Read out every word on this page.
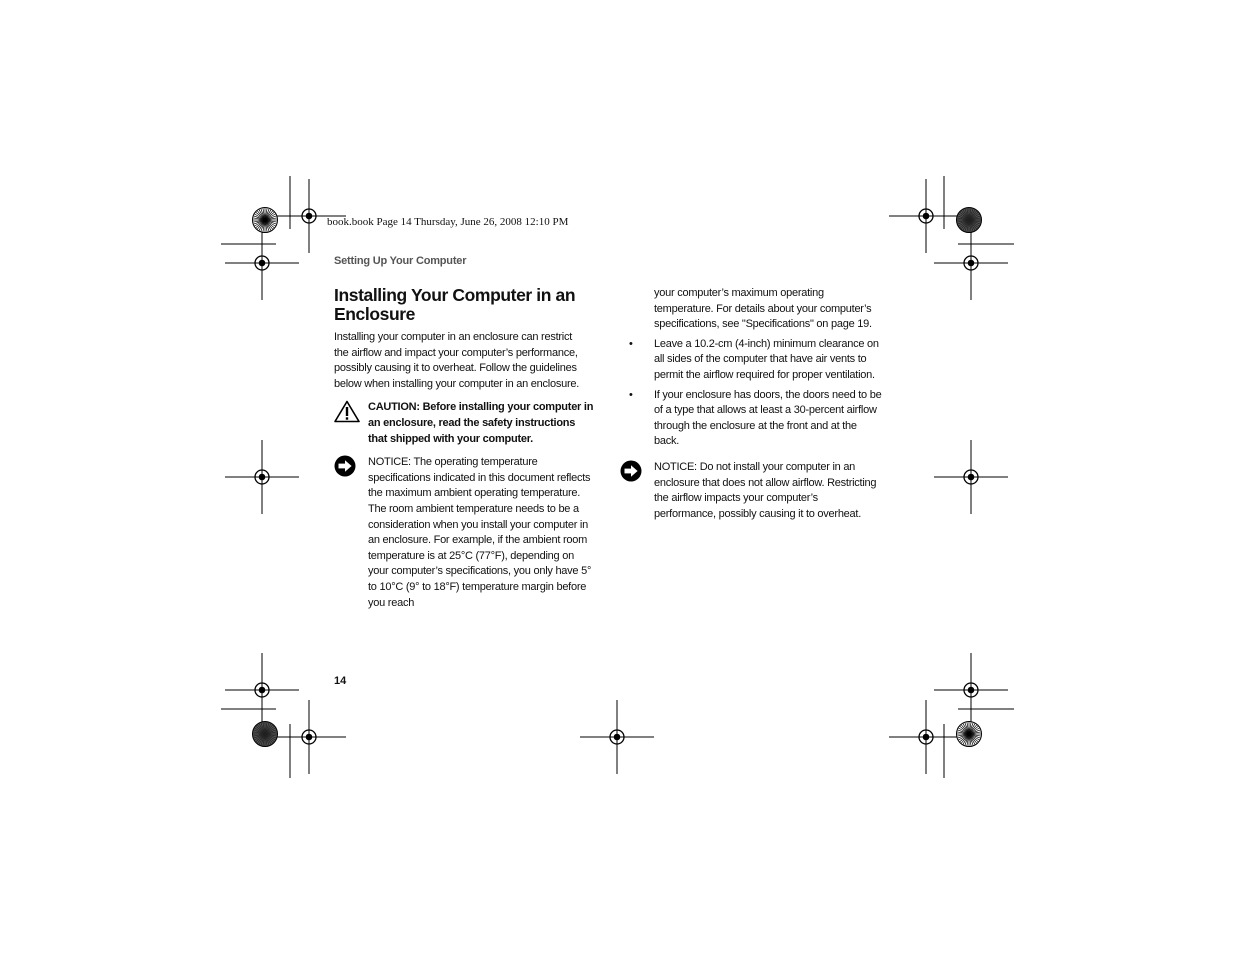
book.book Page 14 Thursday, June 26, 2008 12:10 PM
Setting Up Your Computer
Installing Your Computer in an Enclosure

Installing your computer in an enclosure can restrict the airflow and impact your computer’s performance, possibly causing it to overheat. Follow the guidelines below when installing your computer in an enclosure.

CAUTION: Before installing your computer in an enclosure, read the safety instructions that shipped with your computer.

NOTICE: The operating temperature specifications indicated in this document reflects the maximum ambient operating temperature. The room ambient temperature needs to be a consideration when you install your computer in an enclosure. For example, if the ambient room temperature is at 25°C (77°F), depending on your computer’s specifications, you only have 5° to 10°C (9° to 18°F) temperature margin before you reach

your computer’s maximum operating temperature. For details about your computer’s specifications, see "Specifications" on page 19.

• Leave a 10.2-cm (4-inch) minimum clearance on all sides of the computer that have air vents to permit the airflow required for proper ventilation.
• If your enclosure has doors, the doors need to be of a type that allows at least a 30-percent airflow through the enclosure at the front and at the back.

NOTICE: Do not install your computer in an enclosure that does not allow airflow. Restricting the airflow impacts your computer’s performance, possibly causing it to overheat.

14
